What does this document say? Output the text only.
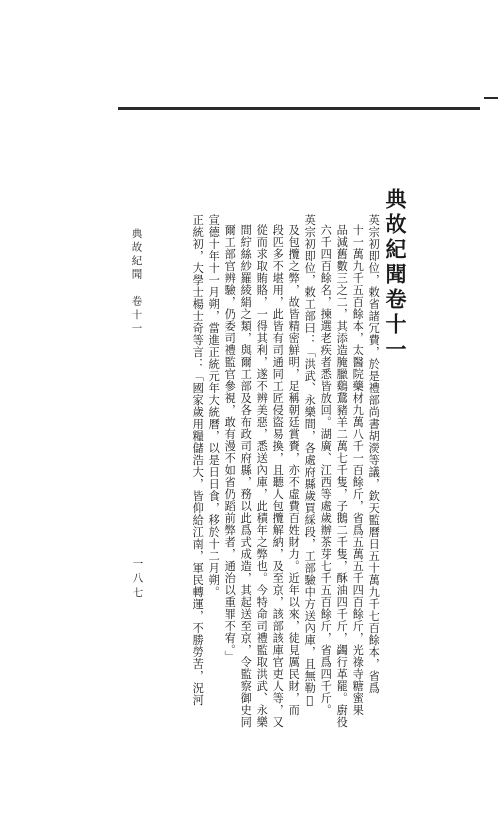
典故紀聞卷十一
英宗初即位，敕省諸冗費，於是禮部尚書胡濙等議，欽天監曆日五十萬九千七百餘本，省爲
十一萬九千五百餘本，太醫院藥材九萬八千一百餘斤，省爲五萬五千四百餘斤，光祿寺糖蜜果
品減舊數三之二，其添造腌臘鷄鵞豬羊二萬七千隻，子鵝二千隻，酥油四千斤，蠲行革罷。廚役
六千四百餘名，揀選老疾者悉皆放回。湖廣、江西等處歲辦茶芽七千五百餘斤，省爲四千斤。
英宗初即位，敕工部曰：「洪武、永樂間，各處府縣歲買綵段，工部驗中方送內庫，且無勒𢌲
及包攬之弊，故皆精密鮮明，足稱朝廷賞賚，亦不虛費百姓財力。近年以來，徒見厲民財，而
段匹多不堪用，此皆有司通同工匠侵盜易換，且聽人包攬解納，及至京，該部該庫官吏人等，又
從而求取賄賂，一得其利，遂不辨美惡，悉送內庫，此積年之弊也。今特命司禮監取洪武、永樂
間紵絲紗羅綾絹之類，與爾工部及各布政司府縣，務以此爲式成造，其起送至京，令監察御史同
爾工部官辨驗，仍委司禮監官參視，敢有漫不如省仍蹈前弊者，通治以重罪不宥。」
宣德十年十一月朔，當進正統元年大統曆，以是日日食，移於十二月朔。
正統初，大學士楊士奇等言：「國家歲用糧儲浩大，皆仰給江南，軍民轉運，不勝勞苦，況河
典故紀聞　卷十一
一八七
